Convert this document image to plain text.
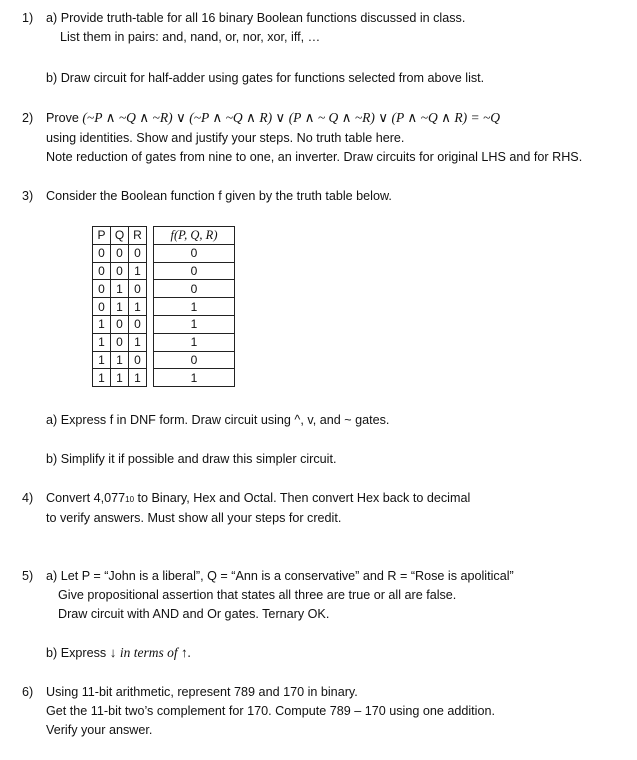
1) a) Provide truth-table for all 16 binary Boolean functions discussed in class.
List them in pairs: and, nand, or, nor, xor, iff, …
b) Draw circuit for half-adder using gates for functions selected from above list.
2) Prove (~P ∧ ~Q ∧ ~R) ∨ (~P ∧ ~Q ∧ R) ∨ (P ∧ ~ Q ∧ ~R) ∨ (P ∧ ~Q ∧ R) = ~Q
using identities. Show and justify your steps. No truth table here.
Note reduction of gates from nine to one, an inverter. Draw circuits for original LHS and for RHS.
3) Consider the Boolean function f given by the truth table below.
P	Q	R		f(P, Q, R)
0	0	0		0
0	0	1		0
0	1	0		0
0	1	1		1
1	0	0		1
1	0	1		1
1	1	0		0
1	1	1		1
a) Express f in DNF form. Draw circuit using ^, v, and ~ gates.
b) Simplify it if possible and draw this simpler circuit.
4) Convert 4,07710 to Binary, Hex and Octal. Then convert Hex back to decimal
to verify answers. Must show all your steps for credit.
5) a) Let P = “John is a liberal”, Q = “Ann is a conservative” and R = “Rose is apolitical”
Give propositional assertion that states all three are true or all are false.
Draw circuit with AND and Or gates. Ternary OK.
b) Express ↓ in terms of ↑.
6) Using 11-bit arithmetic, represent 789 and 170 in binary.
Get the 11-bit two’s complement for 170. Compute 789 – 170 using one addition.
Verify your answer.
